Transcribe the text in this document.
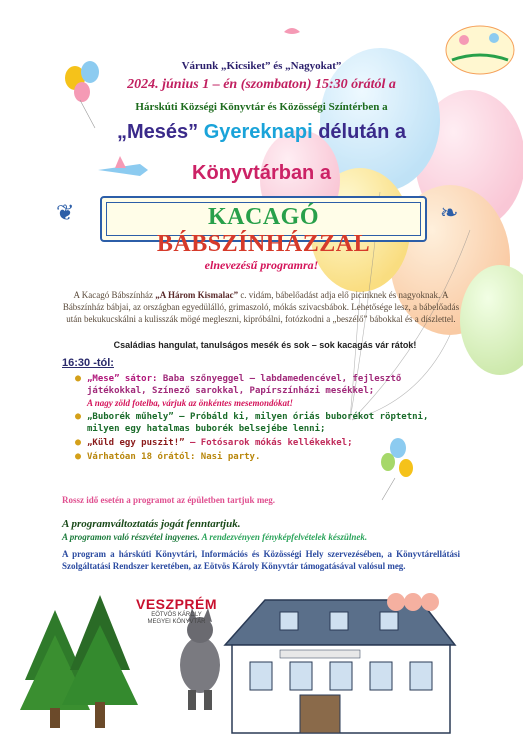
Várunk „Kicsiket” és „Nagyokat”
2024. június 1 – én (szombaton) 15:30 órától a
Hárskúti Községi Könyvtár és Közösségi Színtérben a
„Mesés” Gyereknapi délután a
Könyvtárban a
❦	❧
KACAGÓ BÁBSZÍNHÁZZAL
elnevezésű programra!
A Kacagó Bábszínház „A Három Kismalac” c. vidám, bábelőadást adja elő picinknek és nagyoknak. A Bábszínház bábjai, az országban egyedülálló, grimaszoló, mókás szivacsbábok. Lehetősége lesz, a bábelőadás után bekukucskálni a kulisszák mögé megleszni, kipróbálni, fotózkodni a „beszélő” bábokkal és a díszlettel.
Családias hangulat, tanulságos mesék és sok – sok kacagás vár rátok!
16:30 -tól:
● „Mese” sátor: Baba szőnyeggel – labdamedencével, fejlesztő játékokkal, Színező sarokkal, Papírszínházi mesékkel;
A nagy zöld fotelba, várjuk az önkéntes mesemondókat!
● „Buborék műhely” – Próbáld ki, milyen óriás buborékot röptetni, milyen egy hatalmas buborék belsejébe lenni;
● „Küld egy puszit!” – Fotósarok mókás kellékekkel;
● Várhatóan 18 órától: Nasi party.
Rossz idő esetén a programot az épületben tartjuk meg.
A programváltoztatás jogát fenntartjuk.
A programon való részvétel ingyenes. A rendezvényen fényképfelvételek készülnek.
A program a hárskúti Könyvtári, Információs és Közösségi Hely szervezésében, a Könyvtárellátási Szolgáltatási Rendszer keretében, az Eötvös Károly Könyvtár támogatásával valósul meg.
VESZPRÉM
EÖTVÖS KÁROLY
MEGYEI KÖNYVTÁR
